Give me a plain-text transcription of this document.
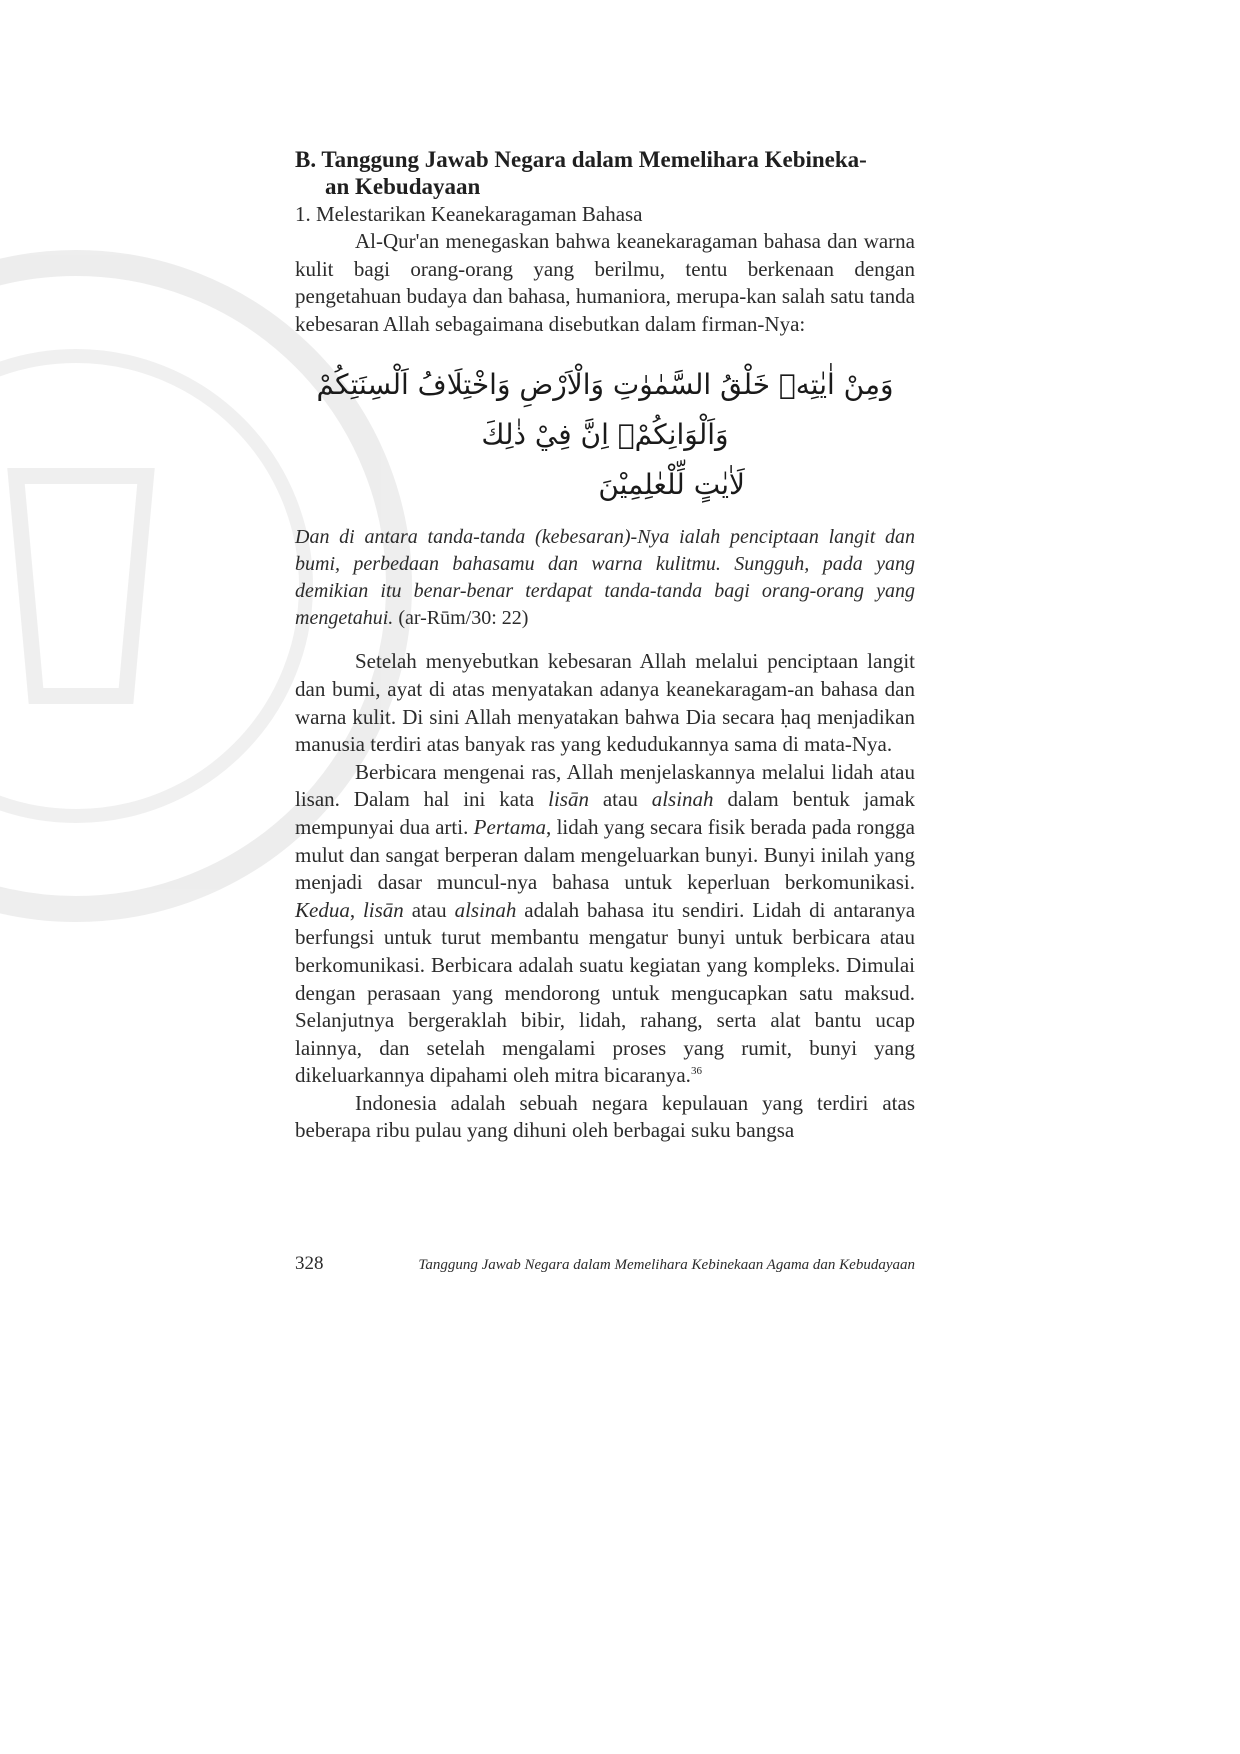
B. Tanggung Jawab Negara dalam Memelihara Kebineka-
an Kebudayaan
1. Melestarikan Keanekaragaman Bahasa

Al-Qur'an menegaskan bahwa keanekaragaman bahasa dan warna kulit bagi orang-orang yang berilmu, tentu berkenaan dengan pengetahuan budaya dan bahasa, humaniora, merupa-kan salah satu tanda kebesaran Allah sebagaimana disebutkan dalam firman-Nya:

وَمِنْ اٰيٰتِهٖ خَلْقُ السَّمٰوٰتِ وَالْاَرْضِ وَاخْتِلَافُ اَلْسِنَتِكُمْ وَاَلْوَانِكُمْۗ اِنَّ فِيْ ذٰلِكَ
لَاٰيٰتٍ لِّلْعٰلِمِيْنَ
Dan di antara tanda-tanda (kebesaran)-Nya ialah penciptaan langit dan bumi, perbedaan bahasamu dan warna kulitmu. Sungguh, pada yang demikian itu benar-benar terdapat tanda-tanda bagi orang-orang yang mengetahui. (ar-Rūm/30: 22)

Setelah menyebutkan kebesaran Allah melalui penciptaan langit dan bumi, ayat di atas menyatakan adanya keanekaragam-an bahasa dan warna kulit. Di sini Allah menyatakan bahwa Dia secara ḥaq menjadikan manusia terdiri atas banyak ras yang kedudukannya sama di mata-Nya.

Berbicara mengenai ras, Allah menjelaskannya melalui lidah atau lisan. Dalam hal ini kata lisān atau alsinah dalam bentuk jamak mempunyai dua arti. Pertama, lidah yang secara fisik berada pada rongga mulut dan sangat berperan dalam mengeluarkan bunyi. Bunyi inilah yang menjadi dasar muncul-nya bahasa untuk keperluan berkomunikasi. Kedua, lisān atau alsinah adalah bahasa itu sendiri. Lidah di antaranya berfungsi untuk turut membantu mengatur bunyi untuk berbicara atau berkomunikasi. Berbicara adalah suatu kegiatan yang kompleks. Dimulai dengan perasaan yang mendorong untuk mengucapkan satu maksud. Selanjutnya bergeraklah bibir, lidah, rahang, serta alat bantu ucap lainnya, dan setelah mengalami proses yang rumit, bunyi yang dikeluarkannya dipahami oleh mitra bicaranya.$^{36}$

Indonesia adalah sebuah negara kepulauan yang terdiri atas beberapa ribu pulau yang dihuni oleh berbagai suku bangsa

328	Tanggung Jawab Negara dalam Memelihara Kebinekaan Agama dan Kebudayaan
